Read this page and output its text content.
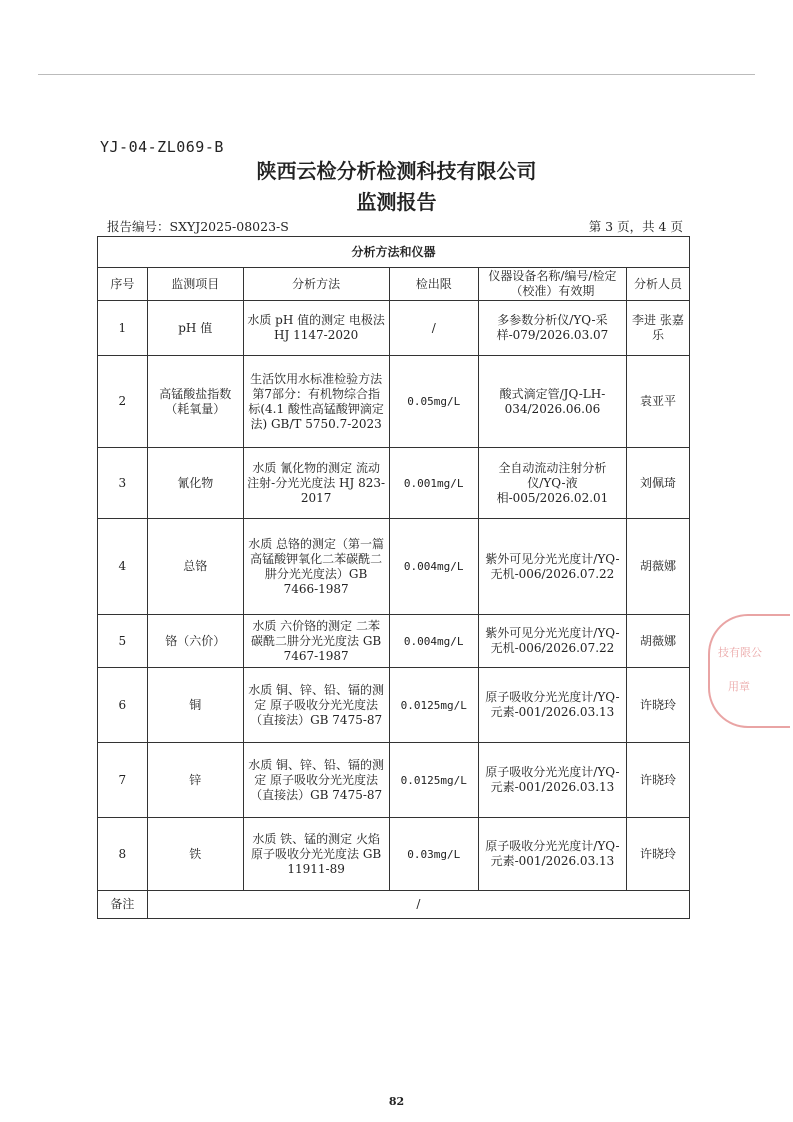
YJ-04-ZL069-B
陕西云检分析检测科技有限公司
监测报告
报告编号：SXYJ2025-08023-S	第 3 页，共 4 页
分析方法和仪器					
序号	监测项目	分析方法	检出限	仪器设备名称/编号/检定（校准）有效期	分析人员
1	pH 值	水质 pH 值的测定 电极法 HJ 1147-2020	/	多参数分析仪/YQ-采样-079/2026.03.07	李进 张嘉乐
2	高锰酸盐指数（耗氧量）	生活饮用水标准检验方法 第7部分：有机物综合指标(4.1 酸性高锰酸钾滴定法) GB/T 5750.7-2023	0.05mg/L	酸式滴定管/JQ-LH-034/2026.06.06	袁亚平
3	氰化物	水质 氰化物的测定 流动注射-分光光度法 HJ 823-2017	0.001mg/L	全自动流动注射分析仪/YQ-液相-005/2026.02.01	刘佩琦
4	总铬	水质 总铬的测定（第一篇 高锰酸钾氧化二苯碳酰二肼分光光度法）GB 7466-1987	0.004mg/L	紫外可见分光光度计/YQ-无机-006/2026.07.22	胡薇娜
5	铬（六价）	水质 六价铬的测定 二苯碳酰二肼分光光度法 GB 7467-1987	0.004mg/L	紫外可见分光光度计/YQ-无机-006/2026.07.22	胡薇娜
6	铜	水质 铜、锌、铅、镉的测定 原子吸收分光光度法（直接法）GB 7475-87	0.0125mg/L	原子吸收分光光度计/YQ-元素-001/2026.03.13	许晓玲
7	锌	水质 铜、锌、铅、镉的测定 原子吸收分光光度法（直接法）GB 7475-87	0.0125mg/L	原子吸收分光光度计/YQ-元素-001/2026.03.13	许晓玲
8	铁	水质 铁、锰的测定 火焰原子吸收分光光度法 GB 11911-89	0.03mg/L	原子吸收分光光度计/YQ-元素-001/2026.03.13	许晓玲
备注	/				
技有限公
用章
82
